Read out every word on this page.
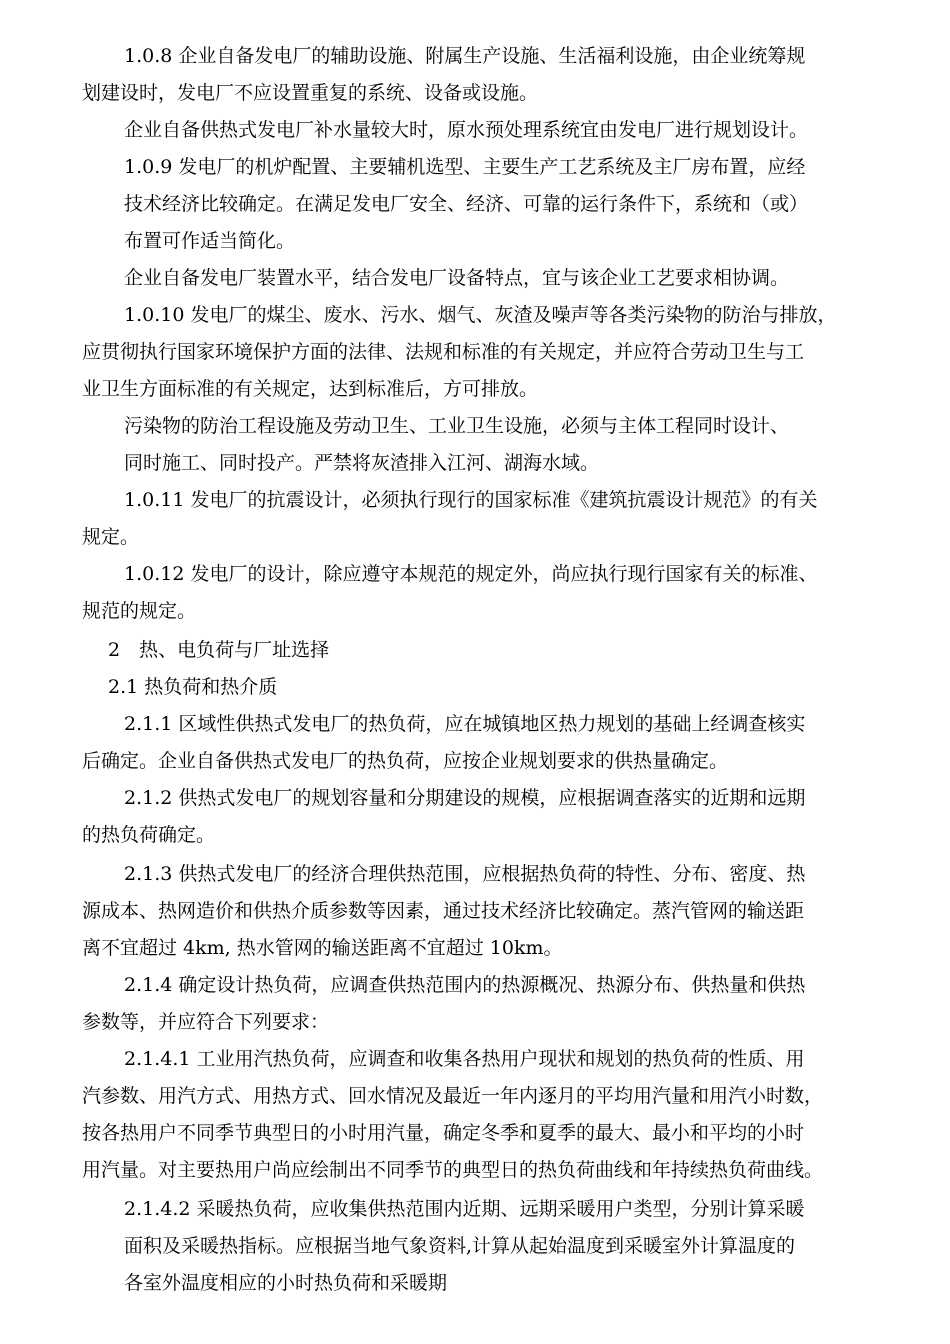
1.0.8 企业自备发电厂的辅助设施、附属生产设施、生活福利设施，由企业统筹规

划建设时，发电厂不应设置重复的系统、设备或设施。

企业自备供热式发电厂补水量较大时，原水预处理系统宜由发电厂进行规划设计。

1.0.9 发电厂的机炉配置、主要辅机选型、主要生产工艺系统及主厂房布置，应经

技术经济比较确定。在满足发电厂安全、经济、可靠的运行条件下，系统和（或）

布置可作适当简化。

企业自备发电厂装置水平，结合发电厂设备特点，宜与该企业工艺要求相协调。

1.0.10 发电厂的煤尘、废水、污水、烟气、灰渣及噪声等各类污染物的防治与排放，

应贯彻执行国家环境保护方面的法律、法规和标准的有关规定，并应符合劳动卫生与工

业卫生方面标准的有关规定，达到标准后，方可排放。

污染物的防治工程设施及劳动卫生、工业卫生设施，必须与主体工程同时设计、

同时施工、同时投产。严禁将灰渣排入江河、湖海水域。

1.0.11 发电厂的抗震设计，必须执行现行的国家标准《建筑抗震设计规范》的有关

规定。

1.0.12 发电厂的设计，除应遵守本规范的规定外，尚应执行现行国家有关的标准、

规范的规定。

2　热、电负荷与厂址选择

2.1 热负荷和热介质

2.1.1 区域性供热式发电厂的热负荷，应在城镇地区热力规划的基础上经调查核实

后确定。企业自备供热式发电厂的热负荷，应按企业规划要求的供热量确定。

2.1.2 供热式发电厂的规划容量和分期建设的规模，应根据调查落实的近期和远期

的热负荷确定。

2.1.3 供热式发电厂的经济合理供热范围，应根据热负荷的特性、分布、密度、热

源成本、热网造价和供热介质参数等因素，通过技术经济比较确定。蒸汽管网的输送距

离不宜超过 4km, 热水管网的输送距离不宜超过 10km。

2.1.4 确定设计热负荷，应调查供热范围内的热源概况、热源分布、供热量和供热

参数等，并应符合下列要求：

2.1.4.1 工业用汽热负荷，应调查和收集各热用户现状和规划的热负荷的性质、用

汽参数、用汽方式、用热方式、回水情况及最近一年内逐月的平均用汽量和用汽小时数，

按各热用户不同季节典型日的小时用汽量，确定冬季和夏季的最大、最小和平均的小时

用汽量。对主要热用户尚应绘制出不同季节的典型日的热负荷曲线和年持续热负荷曲线。

2.1.4.2 采暖热负荷，应收集供热范围内近期、远期采暖用户类型，分别计算采暖

面积及采暖热指标。应根据当地气象资料,计算从起始温度到采暖室外计算温度的

各室外温度相应的小时热负荷和采暖期
